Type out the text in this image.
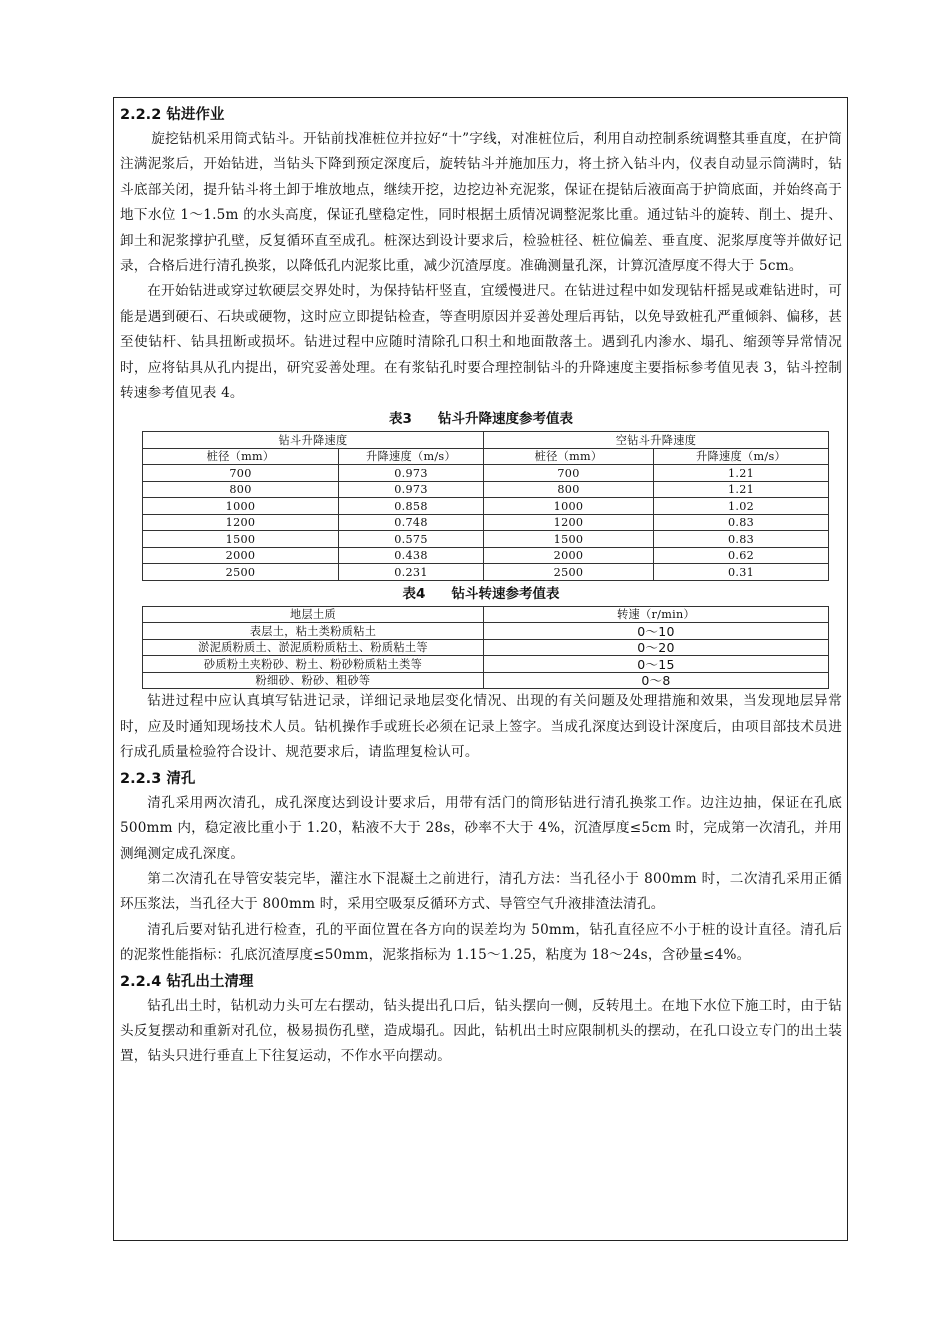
2.2.2 钻进作业
旋挖钻机采用筒式钻斗。开钻前找准桩位并拉好“十”字线，对准桩位后，利用自动控制系统调整其垂直度，在护筒注满泥浆后，开始钻进，当钻头下降到预定深度后，旋转钻斗并施加压力，将土挤入钻斗内，仪表自动显示筒满时，钻斗底部关闭，提升钻斗将土卸于堆放地点，继续开挖，边挖边补充泥浆，保证在提钻后液面高于护筒底面，并始终高于地下水位 1～1.5m 的水头高度，保证孔壁稳定性，同时根据土质情况调整泥浆比重。通过钻斗的旋转、削土、提升、卸土和泥浆撑护孔壁，反复循环直至成孔。桩深达到设计要求后，检验桩径、桩位偏差、垂直度、泥浆厚度等并做好记录，合格后进行清孔换浆，以降低孔内泥浆比重，减少沉渣厚度。准确测量孔深，计算沉渣厚度不得大于 5cm。
在开始钻进或穿过软硬层交界处时，为保持钻杆竖直，宜缓慢进尺。在钻进过程中如发现钻杆摇晃或难钻进时，可能是遇到硬石、石块或硬物，这时应立即提钻检查，等查明原因并妥善处理后再钻，以免导致桩孔严重倾斜、偏移，甚至使钻杆、钻具扭断或损坏。钻进过程中应随时清除孔口积土和地面散落土。遇到孔内渗水、塌孔、缩颈等异常情况时，应将钻具从孔内提出，研究妥善处理。在有浆钻孔时要合理控制钻斗的升降速度主要指标参考值见表 3，钻斗控制转速参考值见表 4。
表3 钻斗升降速度参考值表
钻斗升降速度		空钻斗升降速度	
桩径（mm）	升降速度（m/s）	桩径（mm）	升降速度（m/s）
700	0.973	700	1.21
800	0.973	800	1.21
1000	0.858	1000	1.02
1200	0.748	1200	0.83
1500	0.575	1500	0.83
2000	0.438	2000	0.62
2500	0.231	2500	0.31
表4 钻斗转速参考值表
地层土质	转速（r/min）
表层土，粘土类粉质粘土	0～10
淤泥质粉质土、淤泥质粉质粘土、粉质粘土等	0～20
砂质粉土夹粉砂、粉土、粉砂粉质粘土类等	0～15
粉细砂、粉砂、粗砂等	0～8
钻进过程中应认真填写钻进记录，详细记录地层变化情况、出现的有关问题及处理措施和效果，当发现地层异常时，应及时通知现场技术人员。钻机操作手或班长必须在记录上签字。当成孔深度达到设计深度后，由项目部技术员进行成孔质量检验符合设计、规范要求后，请监理复检认可。
2.2.3 清孔
清孔采用两次清孔，成孔深度达到设计要求后，用带有活门的筒形钻进行清孔换浆工作。边注边抽，保证在孔底 500mm 内，稳定液比重小于 1.20，粘液不大于 28s，砂率不大于 4%，沉渣厚度≤5cm 时，完成第一次清孔，并用测绳测定成孔深度。
第二次清孔在导管安装完毕，灌注水下混凝土之前进行，清孔方法：当孔径小于 800mm 时，二次清孔采用正循环压浆法，当孔径大于 800mm 时，采用空吸泵反循环方式、导管空气升液排渣法清孔。
清孔后要对钻孔进行检查，孔的平面位置在各方向的误差均为 50mm，钻孔直径应不小于桩的设计直径。清孔后的泥浆性能指标：孔底沉渣厚度≤50mm，泥浆指标为 1.15～1.25，粘度为 18～24s，含砂量≤4%。
2.2.4 钻孔出土清理
钻孔出土时，钻机动力头可左右摆动，钻头提出孔口后，钻头摆向一侧，反转甩土。在地下水位下施工时，由于钻头反复摆动和重新对孔位，极易损伤孔壁，造成塌孔。因此，钻机出土时应限制机头的摆动，在孔口设立专门的出土装置，钻头只进行垂直上下往复运动，不作水平向摆动。
